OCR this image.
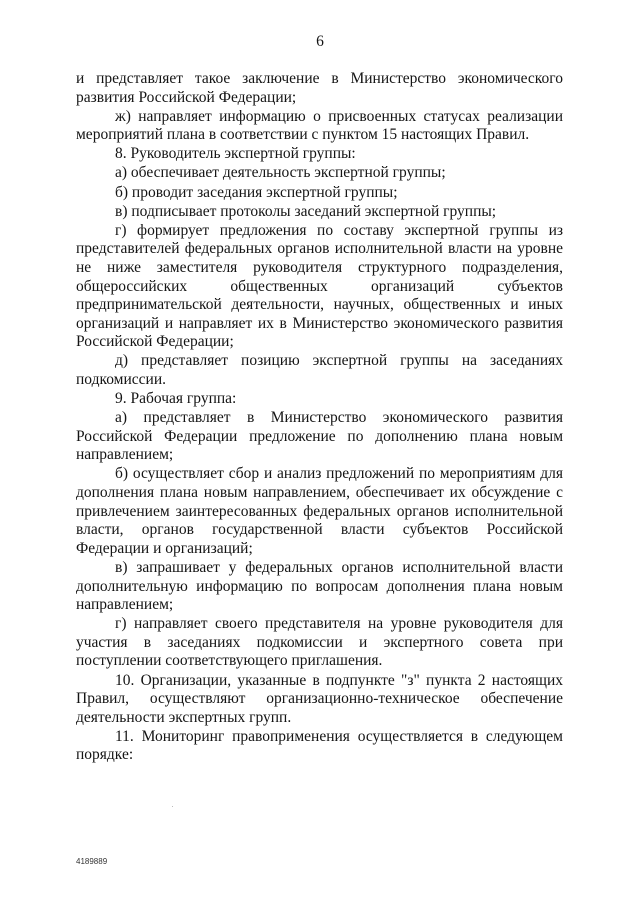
6

и представляет такое заключение в Министерство экономического развития Российской Федерации;

ж) направляет информацию о присвоенных статусах реализации мероприятий плана в соответствии с пунктом 15 настоящих Правил.

8. Руководитель экспертной группы:

а) обеспечивает деятельность экспертной группы;

б) проводит заседания экспертной группы;

в) подписывает протоколы заседаний экспертной группы;

г) формирует предложения по составу экспертной группы из представителей федеральных органов исполнительной власти на уровне не ниже заместителя руководителя структурного подразделения, общероссийских общественных организаций субъектов предпринимательской деятельности, научных, общественных и иных организаций и направляет их в Министерство экономического развития Российской Федерации;

д) представляет позицию экспертной группы на заседаниях подкомиссии.

9. Рабочая группа:

а) представляет в Министерство экономического развития Российской Федерации предложение по дополнению плана новым направлением;

б) осуществляет сбор и анализ предложений по мероприятиям для дополнения плана новым направлением, обеспечивает их обсуждение с привлечением заинтересованных федеральных органов исполнительной власти, органов государственной власти субъектов Российской Федерации и организаций;

в) запрашивает у федеральных органов исполнительной власти дополнительную информацию по вопросам дополнения плана новым направлением;

г) направляет своего представителя на уровне руководителя для участия в заседаниях подкомиссии и экспертного совета при поступлении соответствующего приглашения.

10. Организации, указанные в подпункте "з" пункта 2 настоящих Правил, осуществляют организационно-техническое обеспечение деятельности экспертных групп.

11. Мониторинг правоприменения осуществляется в следующем порядке:

4189889
